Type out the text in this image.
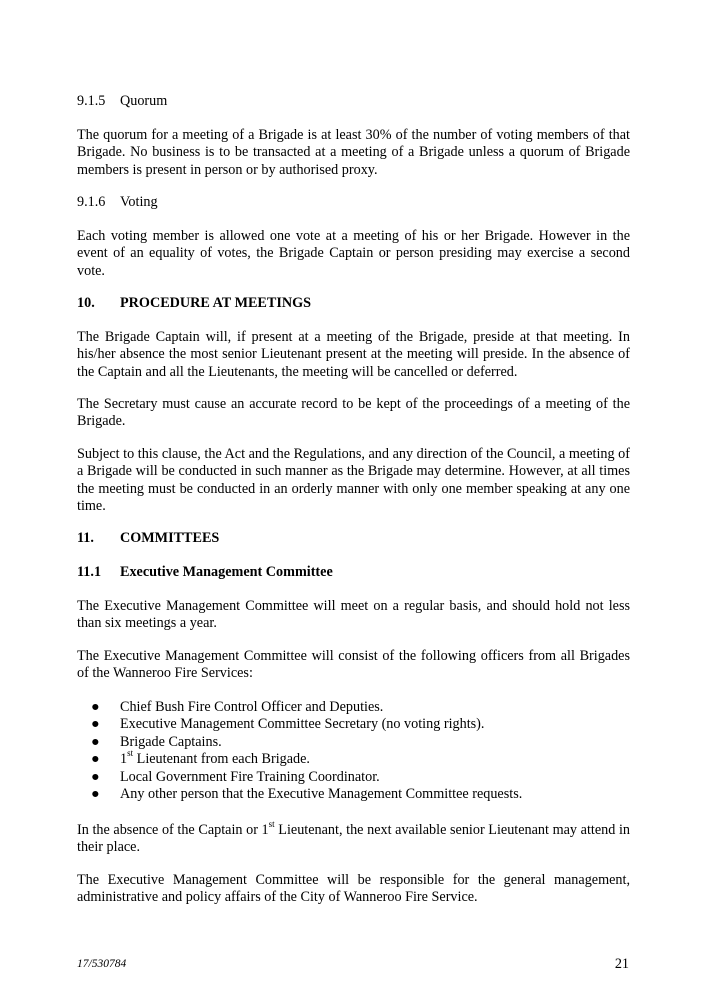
9.1.5 Quorum
The quorum for a meeting of a Brigade is at least 30% of the number of voting members of that Brigade. No business is to be transacted at a meeting of a Brigade unless a quorum of Brigade members is present in person or by authorised proxy.
9.1.6 Voting
Each voting member is allowed one vote at a meeting of his or her Brigade. However in the event of an equality of votes, the Brigade Captain or person presiding may exercise a second vote.
10. PROCEDURE AT MEETINGS
The Brigade Captain will, if present at a meeting of the Brigade, preside at that meeting. In his/her absence the most senior Lieutenant present at the meeting will preside. In the absence of the Captain and all the Lieutenants, the meeting will be cancelled or deferred.
The Secretary must cause an accurate record to be kept of the proceedings of a meeting of the Brigade.
Subject to this clause, the Act and the Regulations, and any direction of the Council, a meeting of a Brigade will be conducted in such manner as the Brigade may determine. However, at all times the meeting must be conducted in an orderly manner with only one member speaking at any one time.
11. COMMITTEES
11.1 Executive Management Committee
The Executive Management Committee will meet on a regular basis, and should hold not less than six meetings a year.
The Executive Management Committee will consist of the following officers from all Brigades of the Wanneroo Fire Services:
● Chief Bush Fire Control Officer and Deputies.
● Executive Management Committee Secretary (no voting rights).
● Brigade Captains.
● 1st Lieutenant from each Brigade.
● Local Government Fire Training Coordinator.
● Any other person that the Executive Management Committee requests.
In the absence of the Captain or 1st Lieutenant, the next available senior Lieutenant may attend in their place.
The Executive Management Committee will be responsible for the general management, administrative and policy affairs of the City of Wanneroo Fire Service.
17/530784	21
